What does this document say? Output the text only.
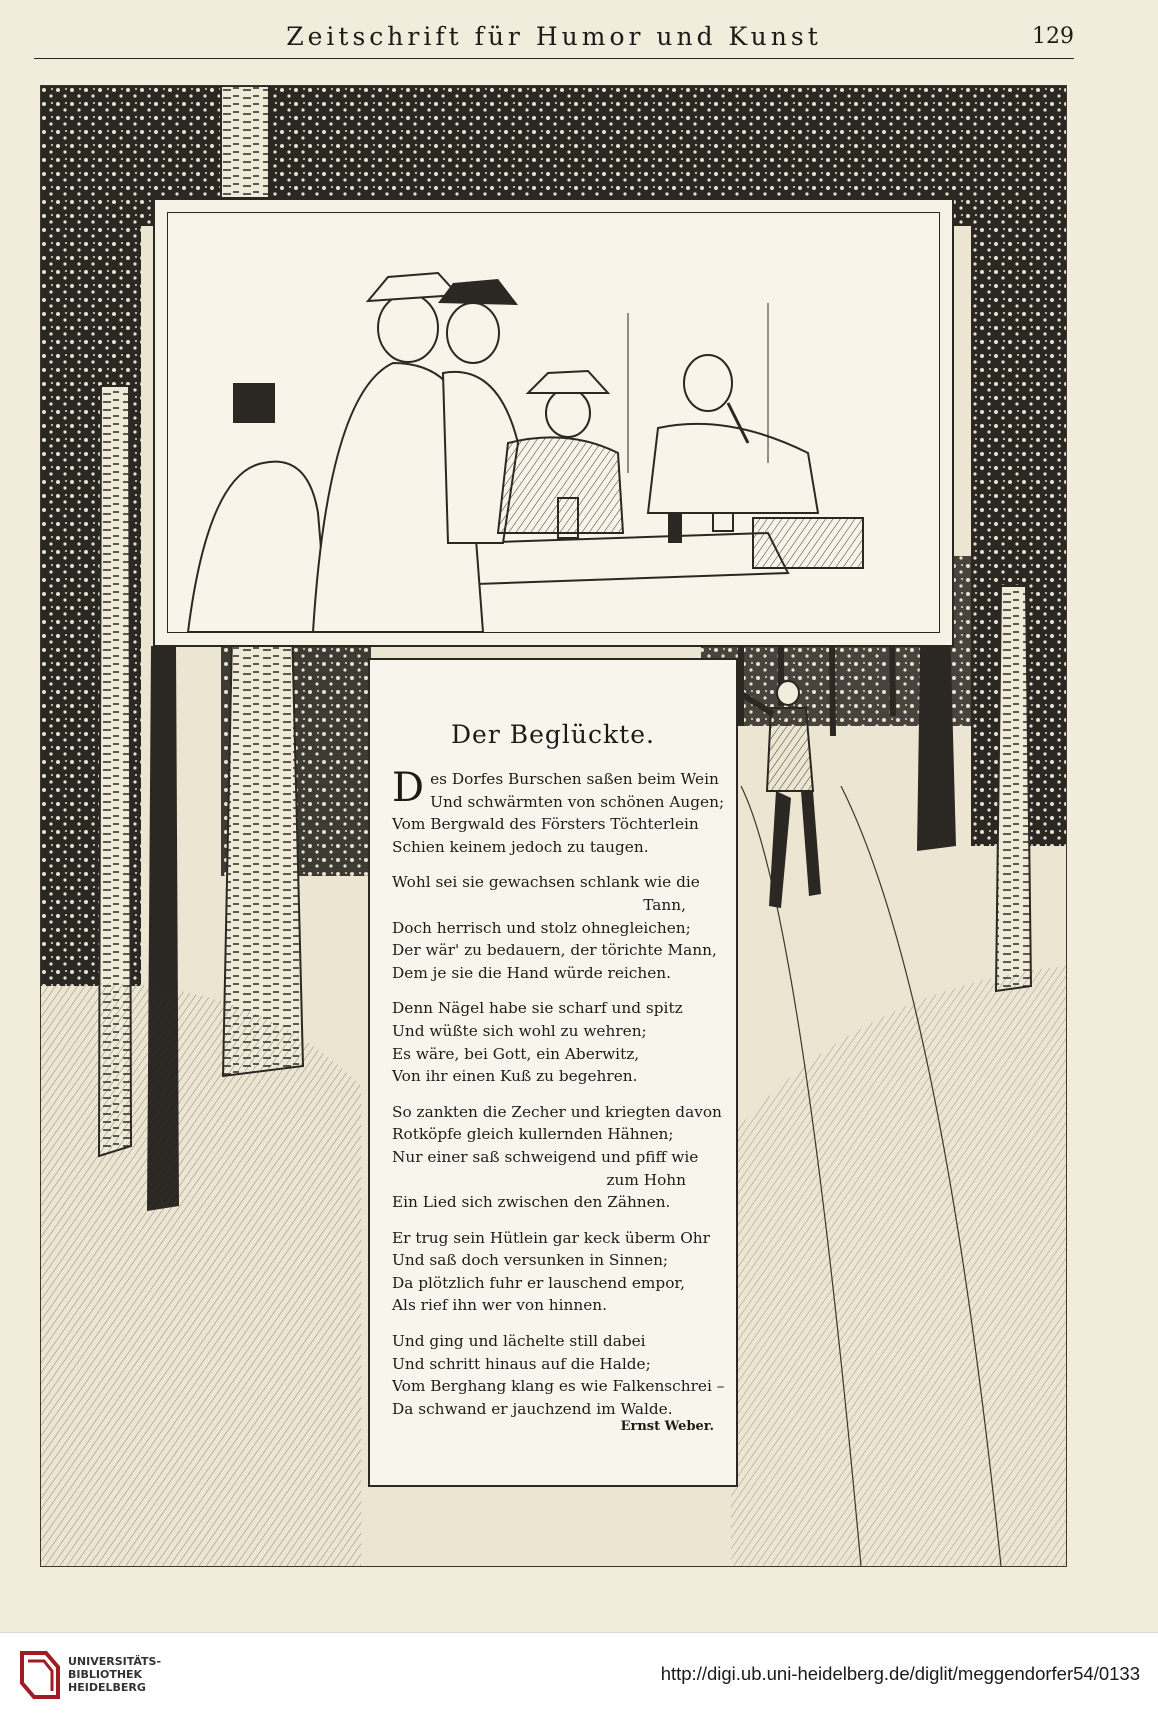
Zeitschrift für Humor und Kunst	129
Der Beglückte.
D es Dorfes Burschen saßen beim Wein
Und schwärmten von schönen Augen;
Vom Bergwald des Försters Töchterlein
Schien keinem jedoch zu taugen.
Wohl sei sie gewachsen schlank wie die
Tann,
Doch herrisch und stolz ohnegleichen;
Der wär' zu bedauern, der törichte Mann,
Dem je sie die Hand würde reichen.
Denn Nägel habe sie scharf und spitz
Und wüßte sich wohl zu wehren;
Es wäre, bei Gott, ein Aberwitz,
Von ihr einen Kuß zu begehren.
So zankten die Zecher und kriegten davon
Rotköpfe gleich kullernden Hähnen;
Nur einer saß schweigend und pfiff wie
zum Hohn
Ein Lied sich zwischen den Zähnen.
Er trug sein Hütlein gar keck überm Ohr
Und saß doch versunken in Sinnen;
Da plötzlich fuhr er lauschend empor,
Als rief ihn wer von hinnen.
Und ging und lächelte still dabei
Und schritt hinaus auf die Halde;
Vom Berghang klang es wie Falkenschrei –
Da schwand er jauchzend im Walde.
Ernst Weber.
UNIVERSITÄTS-
BIBLIOTHEK
HEIDELBERG
http://digi.ub.uni-heidelberg.de/diglit/meggendorfer54/0133
